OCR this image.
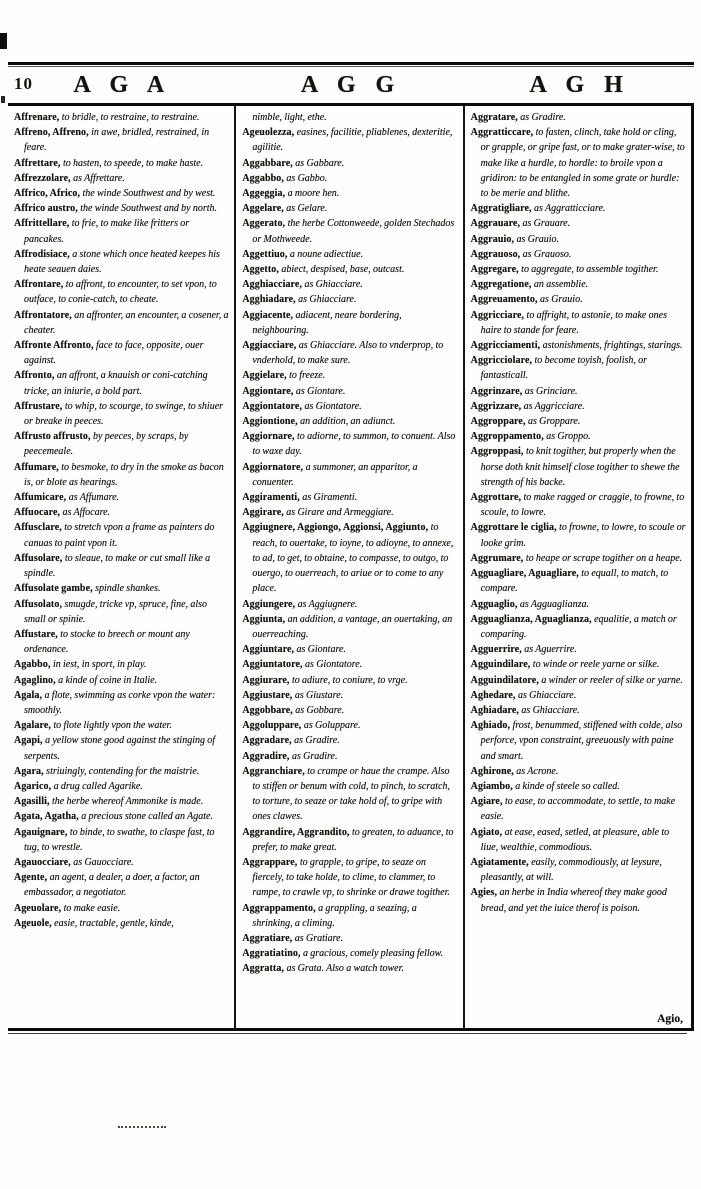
10	A G A	A G G	A G H

Affrenare, to bridle, to restraine, to restraine.

Affreno, Affreno, in awe, bridled, restrained, in feare.

Affrettare, to hasten, to speede, to make haste.

Affrezzolare, as Affrettare.

Affrico, Africo, the winde Southwest and by west.

Affrico austro, the winde Southwest and by north.

Affrittellare, to frie, to make like fritters or pancakes.

Affrodisiace, a stone which once heated keepes his heate seauen daies.

Affrontare, to affront, to encounter, to set vpon, to outface, to conie-catch, to cheate.

Affrontatore, an affronter, an encounter, a cosener, a cheater.

Affronte Affronto, face to face, opposite, ouer against.

Affronto, an affront, a knauish or coni-catching tricke, an iniurie, a bold part.

Affrustare, to whip, to scourge, to swinge, to shiuer or breake in peeces.

Affrusto affrusto, by peeces, by scraps, by peecemeale.

Affumare, to besmoke, to dry in the smoke as bacon is, or blote as hearings.

Affumicare, as Affumare.

Affuocare, as Affocare.

Affusclare, to stretch vpon a frame as painters do canuas to paint vpon it.

Affusolare, to sleaue, to make or cut small like a spindle.

Affusolate gambe, spindle shankes.

Affusolato, smugde, tricke vp, spruce, fine, also small or spinie.

Affustare, to stocke to breech or mount any ordenance.

Agabbo, in iest, in sport, in play.

Agaglino, a kinde of coine in Italie.

Agala, a flote, swimming as corke vpon the water: smoothly.

Agalare, to flote lightly vpon the water.

Agapi, a yellow stone good against the stinging of serpents.

Agara, striuingly, contending for the maistrie.

Agarico, a drug called Agarike.

Agasilli, the herbe whereof Ammonike is made.

Agata, Agatha, a precious stone called an Agate.

Agauignare, to binde, to swathe, to claspe fast, to tug, to wrestle.

Agauocciare, as Gauocciare.

Agente, an agent, a dealer, a doer, a factor, an embassador, a negotiator.

Ageuolare, to make easie.

Ageuole, easie, tractable, gentle, kinde,

nimble, light, ethe.

Ageuolezza, easines, facilitie, pliablenes, dexteritie, agilitie.

Aggabbare, as Gabbare.

Aggabbo, as Gabbo.

Aggeggia, a moore hen.

Aggelare, as Gelare.

Aggerato, the herbe Cottonweede, golden Stechados or Mothweede.

Aggettiuo, a noune adiectiue.

Aggetto, abiect, despised, base, outcast.

Agghiacciare, as Ghiacciare.

Agghiadare, as Ghiacciare.

Aggiacente, adiacent, neare bordering, neighbouring.

Aggiacciare, as Ghiacciare. Also to vnderprop, to vnderhold, to make sure.

Aggielare, to freeze.

Aggiontare, as Giontare.

Aggiontatore, as Giontatore.

Aggiontione, an addition, an adiunct.

Aggiornare, to adiorne, to summon, to conuent. Also to waxe day.

Aggiornatore, a summoner, an apparitor, a conuenter.

Aggiramenti, as Giramenti.

Aggirare, as Girare and Armeggiare.

Aggiugnere, Aggiongo, Aggionsi, Aggiunto, to reach, to ouertake, to ioyne, to adioyne, to annexe, to ad, to get, to obtaine, to compasse, to outgo, to ouergo, to ouerreach, to ariue or to come to any place.

Aggiungere, as Aggiugnere.

Aggiunta, an addition, a vantage, an ouertaking, an ouerreaching.

Aggiuntare, as Giontare.

Aggiuntatore, as Giontatore.

Aggiurare, to adiure, to coniure, to vrge.

Aggiustare, as Giustare.

Aggobbare, as Gobbare.

Aggoluppare, as Goluppare.

Aggradare, as Gradire.

Aggradire, as Gradire.

Aggranchiare, to crampe or haue the crampe. Also to stiffen or benum with cold, to pinch, to scratch, to torture, to seaze or take hold of, to gripe with ones clawes.

Aggrandire, Aggrandito, to greaten, to aduance, to prefer, to make great.

Aggrappare, to grapple, to gripe, to seaze on fiercely, to take holde, to clime, to clammer, to rampe, to crawle vp, to shrinke or drawe togither.

Aggrappamento, a grappling, a seazing, a shrinking, a climing.

Aggratiare, as Gratiare.

Aggratiatino, a gracious, comely pleasing fellow.

Aggratta, as Grata. Also a watch tower.

Aggratare, as Gradire.

Aggratticcare, to fasten, clinch, take hold or cling, or grapple, or gripe fast, or to make grater-wise, to make like a hurdle, to hordle: to broile vpon a gridiron: to be entangled in some grate or hurdle: to be merie and blithe.

Aggratigliare, as Aggratticciare.

Aggrauare, as Grauare.

Aggrauio, as Grauio.

Aggrauoso, as Grauoso.

Aggregare, to aggregate, to assemble togither.

Aggregatione, an assemblie.

Aggreuamento, as Grauio.

Aggricciare, to affright, to astonie, to make ones haire to stande for feare.

Aggricciamenti, astonishments, frightings, starings.

Aggricciolare, to become toyish, foolish, or fantasticall.

Aggrinzare, as Grinciare.

Aggrizzare, as Aggricciare.

Aggroppare, as Groppare.

Aggroppamento, as Groppo.

Aggroppasi, to knit togither, but properly when the horse doth knit himself close togither to shewe the strength of his backe.

Aggrottare, to make ragged or craggie, to frowne, to scoule, to lowre.

Aggrottare le ciglia, to frowne, to lowre, to scoule or looke grim.

Aggrumare, to heape or scrape togither on a heape.

Agguagliare, Aguagliare, to equall, to match, to compare.

Agguaglio, as Agguaglianza.

Agguaglianza, Aguaglianza, equalitie, a match or comparing.

Agguerrire, as Aguerrire.

Agguindilare, to winde or reele yarne or silke.

Agguindilatore, a winder or reeler of silke or yarne.

Aghedare, as Ghiacciare.

Aghiadare, as Ghiacciare.

Aghiado, frost, benummed, stiffened with colde, also perforce, vpon constraint, greeuously with paine and smart.

Aghirone, as Acrone.

Agiambo, a kinde of steele so called.

Agiare, to ease, to accommodate, to settle, to make easie.

Agiato, at ease, eased, setled, at pleasure, able to liue, wealthie, commodious.

Agiatamente, easily, commodiously, at leysure, pleasantly, at will.

Agies, an herbe in India whereof they make good bread, and yet the iuice therof is poison.

Agio,
